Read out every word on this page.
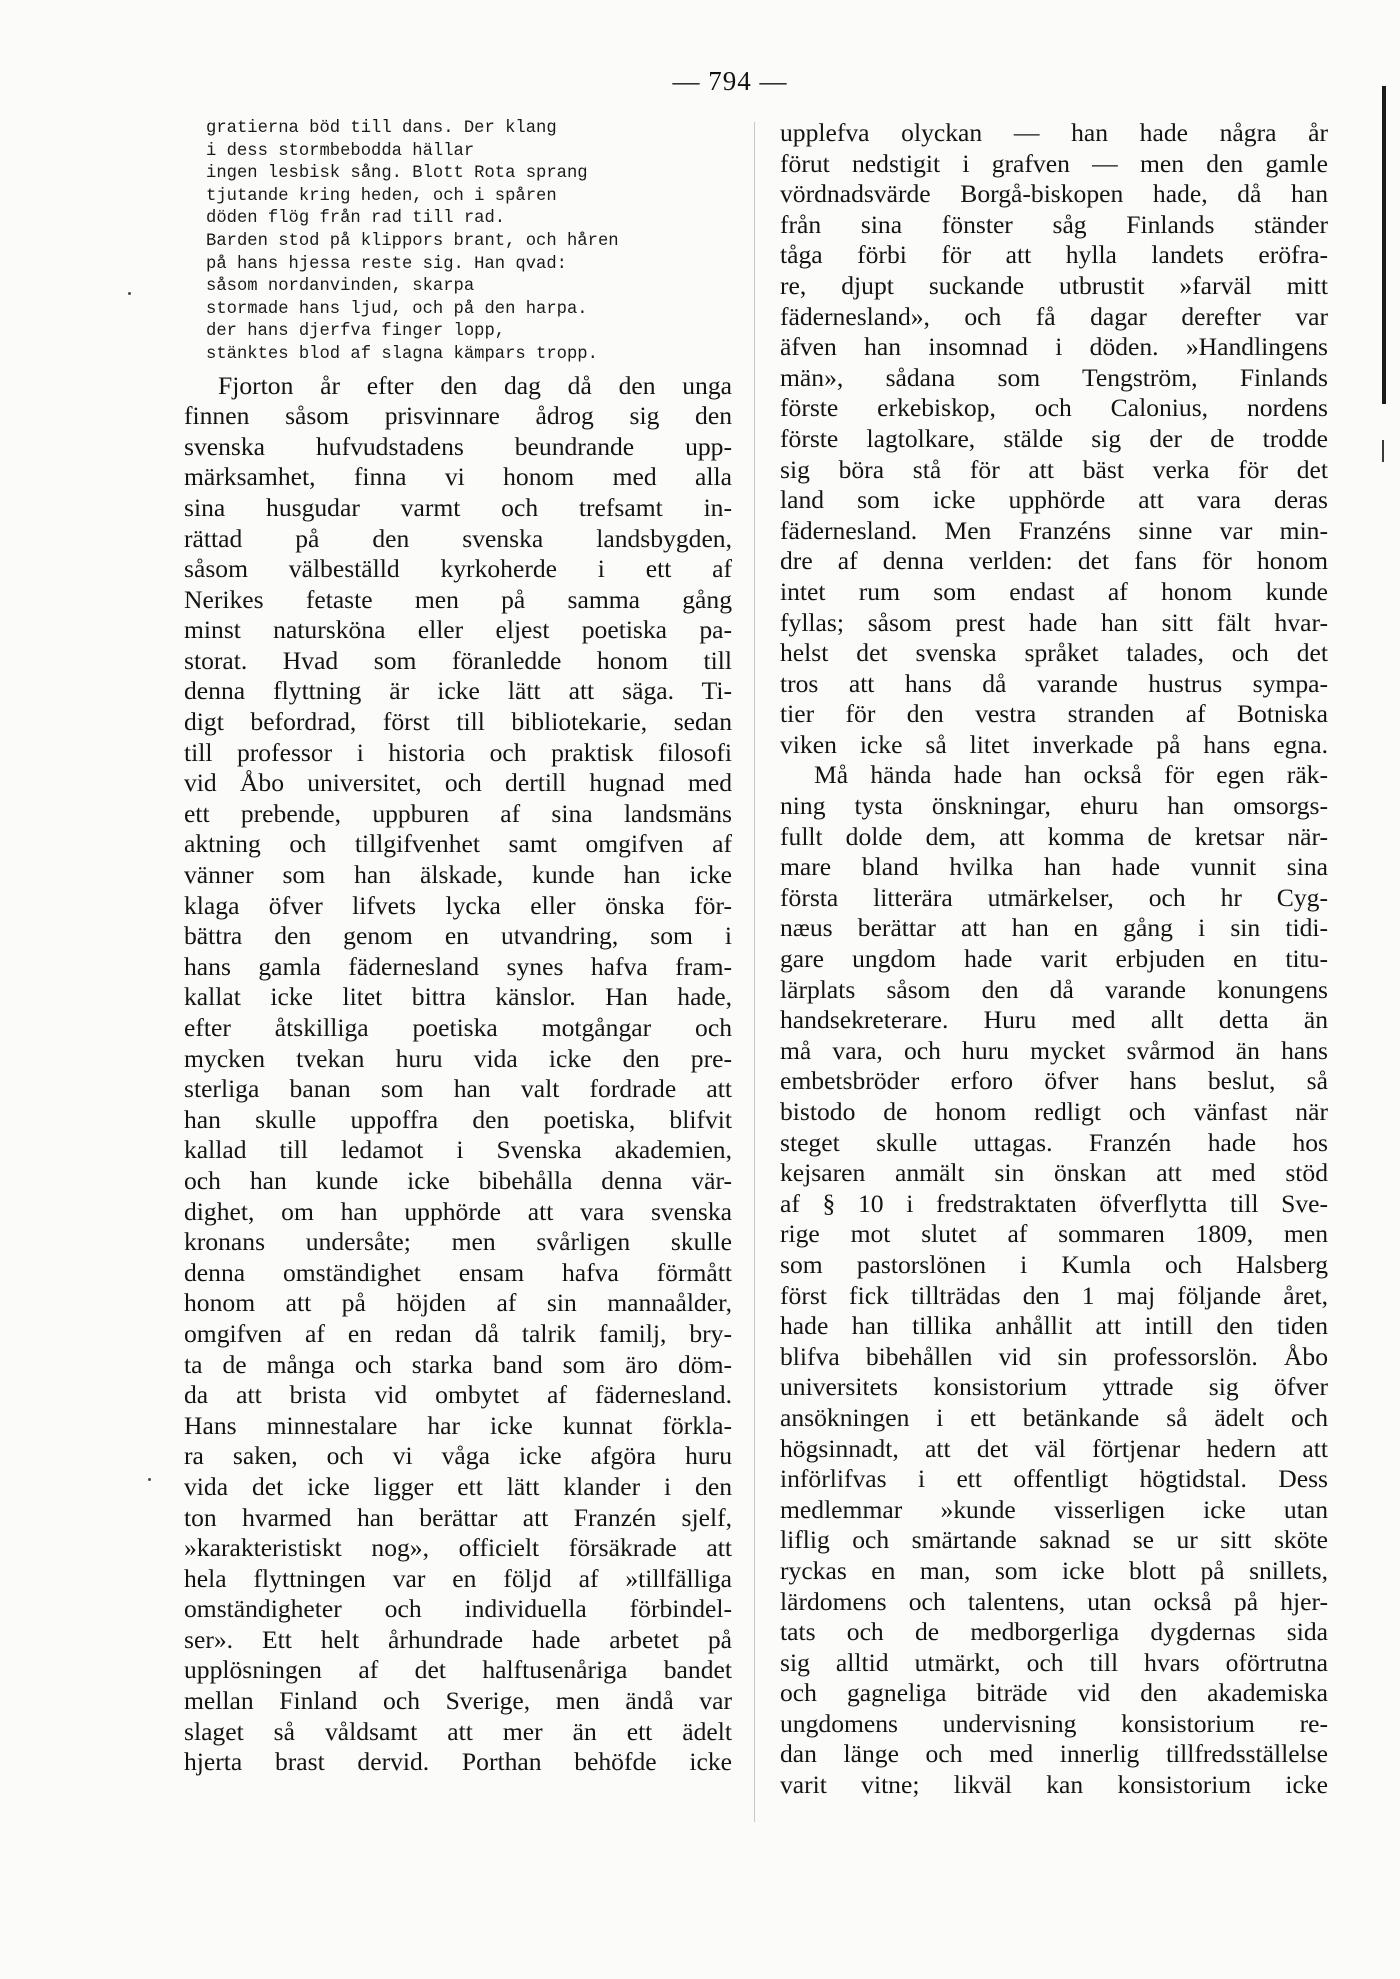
— 794 —
gratierna böd till dans. Der klang
i dess stormbebodda hällar
ingen lesbisk sång. Blott Rota sprang
tjutande kring heden, och i spåren
döden flög från rad till rad.
Barden stod på klippors brant, och håren
på hans hjessa reste sig. Han qvad:
såsom nordanvinden, skarpa
stormade hans ljud, och på den harpa.
der hans djerfva finger lopp,
stänktes blod af slagna kämpars tropp.
Fjorton år efter den dag då den unga
finnen såsom prisvinnare ådrog sig den
svenska hufvudstadens beundrande upp-
märksamhet, finna vi honom med alla
sina husgudar varmt och trefsamt in-
rättad på den svenska landsbygden,
såsom välbeställd kyrkoherde i ett af
Nerikes fetaste men på samma gång
minst natursköna eller eljest poetiska pa-
storat. Hvad som föranledde honom till
denna flyttning är icke lätt att säga. Ti-
digt befordrad, först till bibliotekarie, sedan
till professor i historia och praktisk filosofi
vid Åbo universitet, och dertill hugnad med
ett prebende, uppburen af sina landsmäns
aktning och tillgifvenhet samt omgifven af
vänner som han älskade, kunde han icke
klaga öfver lifvets lycka eller önska för-
bättra den genom en utvandring, som i
hans gamla fädernesland synes hafva fram-
kallat icke litet bittra känslor. Han hade,
efter åtskilliga poetiska motgångar och
mycken tvekan huru vida icke den pre-
sterliga banan som han valt fordrade att
han skulle uppoffra den poetiska, blifvit
kallad till ledamot i Svenska akademien,
och han kunde icke bibehålla denna vär-
dighet, om han upphörde att vara svenska
kronans undersåte; men svårligen skulle
denna omständighet ensam hafva förmått
honom att på höjden af sin mannaålder,
omgifven af en redan då talrik familj, bry-
ta de många och starka band som äro döm-
da att brista vid ombytet af fädernesland.
Hans minnestalare har icke kunnat förkla-
ra saken, och vi våga icke afgöra huru
vida det icke ligger ett lätt klander i den
ton hvarmed han berättar att Franzén sjelf,
»karakteristiskt nog», officielt försäkrade att
hela flyttningen var en följd af »tillfälliga
omständigheter och individuella förbindel-
ser». Ett helt århundrade hade arbetet på
upplösningen af det halftusenåriga bandet
mellan Finland och Sverige, men ändå var
slaget så våldsamt att mer än ett ädelt
hjerta brast dervid. Porthan behöfde icke
upplefva olyckan — han hade några år
förut nedstigit i grafven — men den gamle
vördnadsvärde Borgå-biskopen hade, då han
från sina fönster såg Finlands ständer
tåga förbi för att hylla landets eröfra-
re, djupt suckande utbrustit »farväl mitt
fädernesland», och få dagar derefter var
äfven han insomnad i döden. »Handlingens
män», sådana som Tengström, Finlands
förste erkebiskop, och Calonius, nordens
förste lagtolkare, stälde sig der de trodde
sig böra stå för att bäst verka för det
land som icke upphörde att vara deras
fädernesland. Men Franzéns sinne var min-
dre af denna verlden: det fans för honom
intet rum som endast af honom kunde
fyllas; såsom prest hade han sitt fält hvar-
helst det svenska språket talades, och det
tros att hans då varande hustrus sympa-
tier för den vestra stranden af Botniska
viken icke så litet inverkade på hans egna.
Må hända hade han också för egen räk-
ning tysta önskningar, ehuru han omsorgs-
fullt dolde dem, att komma de kretsar när-
mare bland hvilka han hade vunnit sina
första litterära utmärkelser, och hr Cyg-
næus berättar att han en gång i sin tidi-
gare ungdom hade varit erbjuden en titu-
lärplats såsom den då varande konungens
handsekreterare. Huru med allt detta än
må vara, och huru mycket svårmod än hans
embetsbröder erforo öfver hans beslut, så
bistodo de honom redligt och vänfast när
steget skulle uttagas. Franzén hade hos
kejsaren anmält sin önskan att med stöd
af § 10 i fredstraktaten öfverflytta till Sve-
rige mot slutet af sommaren 1809, men
som pastorslönen i Kumla och Halsberg
först fick tillträdas den 1 maj följande året,
hade han tillika anhållit att intill den tiden
blifva bibehållen vid sin professorslön. Åbo
universitets konsistorium yttrade sig öfver
ansökningen i ett betänkande så ädelt och
högsinnadt, att det väl förtjenar hedern att
införlifvas i ett offentligt högtidstal. Dess
medlemmar »kunde visserligen icke utan
liflig och smärtande saknad se ur sitt sköte
ryckas en man, som icke blott på snillets,
lärdomens och talentens, utan också på hjer-
tats och de medborgerliga dygdernas sida
sig alltid utmärkt, och till hvars oförtrutna
och gagneliga biträde vid den akademiska
ungdomens undervisning konsistorium re-
dan länge och med innerlig tillfredsställelse
varit vitne; likväl kan konsistorium icke
